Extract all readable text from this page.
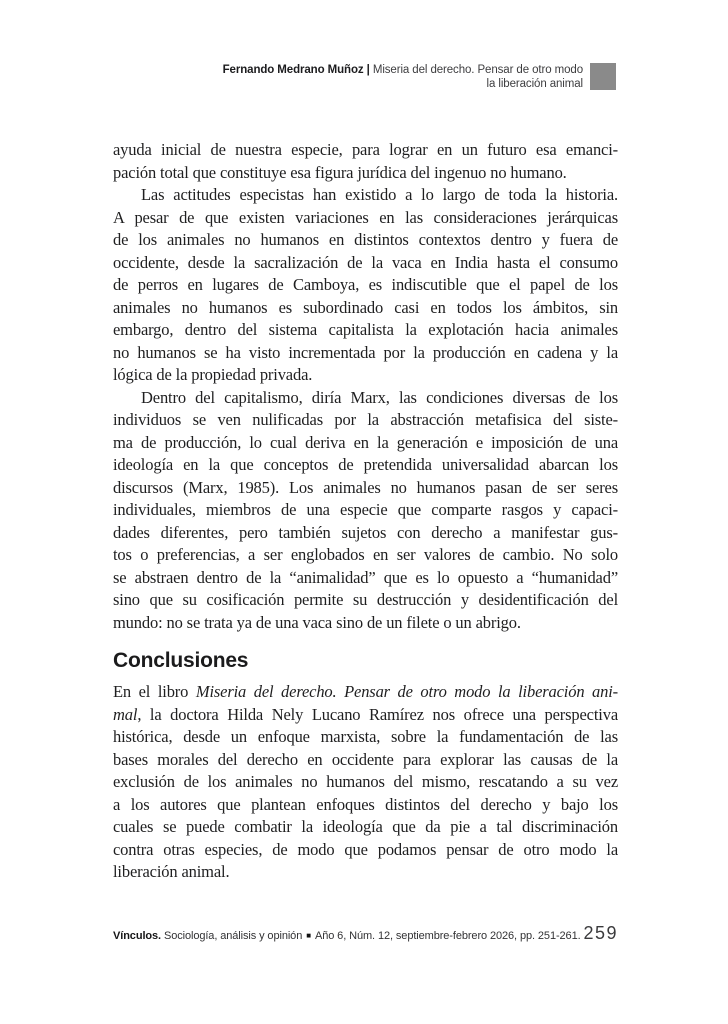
Fernando Medrano Muñoz | Miseria del derecho. Pensar de otro modo
la liberación animal
ayuda inicial de nuestra especie, para lograr en un futuro esa emanci-
pación total que constituye esa figura jurídica del ingenuo no humano.
Las actitudes especistas han existido a lo largo de toda la historia.
A pesar de que existen variaciones en las consideraciones jerárquicas
de los animales no humanos en distintos contextos dentro y fuera de
occidente, desde la sacralización de la vaca en India hasta el consumo
de perros en lugares de Camboya, es indiscutible que el papel de los
animales no humanos es subordinado casi en todos los ámbitos, sin
embargo, dentro del sistema capitalista la explotación hacia animales
no humanos se ha visto incrementada por la producción en cadena y la
lógica de la propiedad privada.
Dentro del capitalismo, diría Marx, las condiciones diversas de los
individuos se ven nulificadas por la abstracción metafisica del siste-
ma de producción, lo cual deriva en la generación e imposición de una
ideología en la que conceptos de pretendida universalidad abarcan los
discursos (Marx, 1985). Los animales no humanos pasan de ser seres
individuales, miembros de una especie que comparte rasgos y capaci-
dades diferentes, pero también sujetos con derecho a manifestar gus-
tos o preferencias, a ser englobados en ser valores de cambio. No solo
se abstraen dentro de la “animalidad” que es lo opuesto a “humanidad”
sino que su cosificación permite su destrucción y desidentificación del
mundo: no se trata ya de una vaca sino de un filete o un abrigo.
Conclusiones
En el libro Miseria del derecho. Pensar de otro modo la liberación ani-
mal, la doctora Hilda Nely Lucano Ramírez nos ofrece una perspectiva
histórica, desde un enfoque marxista, sobre la fundamentación de las
bases morales del derecho en occidente para explorar las causas de la
exclusión de los animales no humanos del mismo, rescatando a su vez
a los autores que plantean enfoques distintos del derecho y bajo los
cuales se puede combatir la ideología que da pie a tal discriminación
contra otras especies, de modo que podamos pensar de otro modo la
liberación animal.
Vínculos. Sociología, análisis y opinión ■ Año 6, Núm. 12, septiembre-febrero 2026, pp. 251-261. 259
